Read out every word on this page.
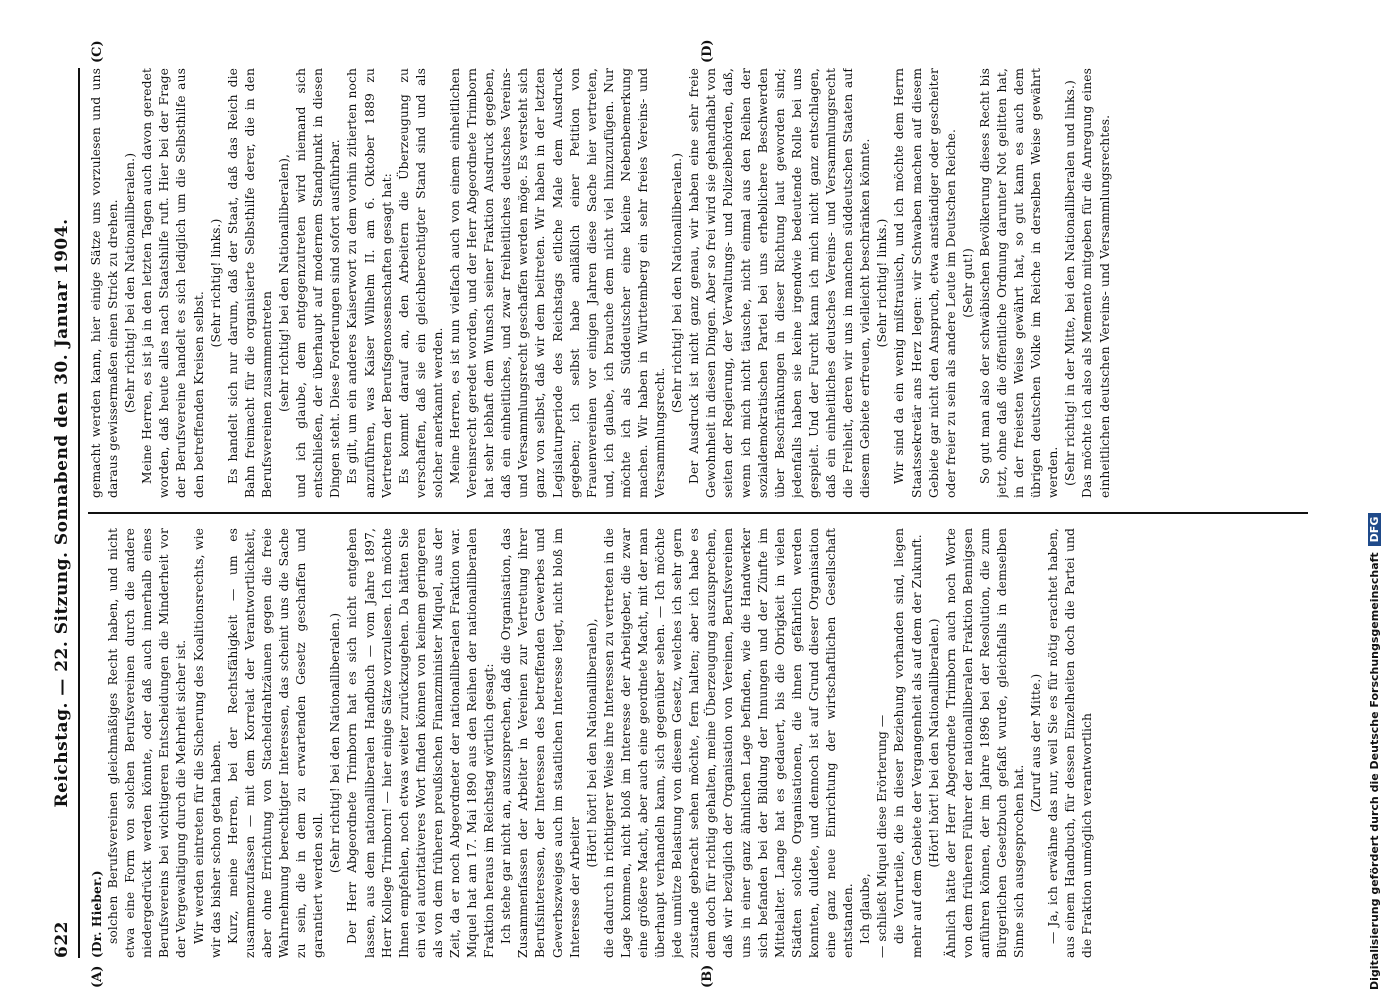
622
Reichstag. — 22. Sitzung. Sonnabend den 30. Januar 1904.
(A)	(B)
(C)	(D)

(Dr. Hieber.) solchen Berufsvereinen gleichmäßiges Recht haben, und nicht etwa eine Form von solchen Berufsvereinen durch die andere niedergedrückt werden könnte, oder daß auch innerhalb eines Berufsvereins bei wichtigeren Entscheidungen die Minderheit vor der Vergewaltigung durch die Mehrheit sicher ist. Wir werden eintreten für die Sicherung des Koalitionsrechts, wie wir das bisher schon getan haben. Kurz, meine Herren, bei der Rechtsfähigkeit — um es zusammenzufassen — mit dem Korrelat der Verantwortlichkeit, aber ohne Errichtung von Stacheldrahtzäunen gegen die freie Wahrnehmung berechtigter Interessen, das scheint uns die Sache zu sein, die in dem zu erwartenden Gesetz geschaffen und garantiert werden soll.

(Sehr richtig! bei den Nationalliberalen.) Der Herr Abgeordnete Trimborn hat es sich nicht entgehen lassen, aus dem nationalliberalen Handbuch — vom Jahre 1897, Herr Kollege Trimborn! — hier einige Sätze vorzulesen. Ich möchte Ihnen empfehlen, noch etwas weiter zurückzugehen. Da hätten Sie ein viel autoritativeres Wort finden können von keinem geringeren als von dem früheren preußischen Finanzminister Miquel, aus der Zeit, da er noch Abgeordneter der nationalliberalen Fraktion war. Miquel hat am 17. Mai 1890 aus den Reihen der nationalliberalen Fraktion heraus im Reichstag wörtlich gesagt: Ich stehe gar nicht an, auszusprechen, daß die Organisation, das Zusammenfassen der Arbeiter in Vereinen zur Vertretung ihrer Berufsinteressen, der Interessen des betreffenden Gewerbes und Gewerbszweiges auch im staatlichen Interesse liegt, nicht bloß im Interesse der Arbeiter

(Hört! hört! bei den Nationalliberalen), die dadurch in richtigerer Weise ihre Interessen zu vertreten in die Lage kommen, nicht bloß im Interesse der Arbeitgeber, die zwar eine größere Macht, aber auch eine geordnete Macht, mit der man überhaupt verhandeln kann, sich gegenüber sehen. — Ich möchte jede unnütze Belastung von diesem Gesetz, welches ich sehr gern zustande gebracht sehen möchte, fern halten; aber ich habe es dem doch für richtig gehalten, meine Überzeugung auszusprechen, daß wir bezüglich der Organisation von Vereinen, Berufsvereinen uns in einer ganz ähnlichen Lage befinden, wie die Handwerker sich befanden bei der Bildung der Innungen und der Zünfte im Mittelalter. Lange hat es gedauert, bis die Obrigkeit in vielen Städten solche Organisationen, die ihnen gefährlich werden konnten, duldete, und dennoch ist auf Grund dieser Organisation eine ganz neue Einrichtung der wirtschaftlichen Gesellschaft entstanden. Ich glaube, — schließt Miquel diese Erörterung — die Vorurteile, die in dieser Beziehung vorhanden sind, liegen mehr auf dem Gebiete der Vergangenheit als auf dem der Zukunft. (Hört! hört! bei den Nationalliberalen.) Ähnlich hätte der Herr Abgeordnete Trimborn auch noch Worte von dem früheren Führer der nationalliberalen Fraktion Bennigsen anführen können, der im Jahre 1896 bei der Resolution, die zum Bürgerlichen Gesetzbuch gefaßt wurde, gleichfalls in demselben Sinne sich ausgesprochen hat.

(Zuruf aus der Mitte.) — Ja, ich erwähne das nur, weil Sie es für nötig erachtet haben, aus einem Handbuch, für dessen Einzelheiten doch die Partei und die Fraktion unmöglich verantwortlich

gemacht werden kann, hier einige Sätze uns vorzulesen und uns daraus gewissermaßen einen Strick zu drehen. (Sehr richtig! bei den Nationalliberalen.) Meine Herren, es ist ja in den letzten Tagen auch davon geredet worden, daß heute alles nach Staatshilfe ruft. Hier bei der Frage der Berufsvereine handelt es sich lediglich um die Selbsthilfe aus den betreffenden Kreisen selbst.

(Sehr richtig! links.) Es handelt sich nur darum, daß der Staat, daß das Reich die Bahn freimacht für die organisierte Selbsthilfe derer, die in den Berufsvereinen zusammentreten (sehr richtig! bei den Nationalliberalen), und ich glaube, dem entgegenzutreten wird niemand sich entschließen, der überhaupt auf modernem Standpunkt in diesen Dingen steht. Diese Forderungen sind sofort ausführbar. Es gilt, um ein anderes Kaiserwort zu dem vorhin zitierten noch anzuführen, was Kaiser Wilhelm II. am 6. Oktober 1889 zu Vertretern der Berufsgenossenschaften gesagt hat: Es kommt darauf an, den Arbeitern die Überzeugung zu verschaffen, daß sie ein gleichberechtigter Stand sind und als solcher anerkannt werden. Meine Herren, es ist nun vielfach auch von einem einheitlichen Vereinsrecht geredet worden, und der Herr Abgeordnete Trimborn hat sehr lebhaft dem Wunsch seiner Fraktion Ausdruck gegeben, daß ein einheitliches, und zwar freiheitliches deutsches Vereins- und Versammlungsrecht geschaffen werden möge. Es versteht sich ganz von selbst, daß wir dem beitreten. Wir haben in der letzten Legislaturperiode des Reichstags etliche Male dem Ausdruck gegeben; ich selbst habe anläßlich einer Petition von Frauenvereinen vor einigen Jahren diese Sache hier vertreten, und, ich glaube, ich brauche dem nicht viel hinzuzufügen. Nur möchte ich als Süddeutscher eine kleine Nebenbemerkung machen. Wir haben in Württemberg ein sehr freies Vereins- und Versammlungsrecht.

(Sehr richtig! bei den Nationalliberalen.) Der Ausdruck ist nicht ganz genau, wir haben eine sehr freie Gewohnheit in diesen Dingen. Aber so frei wird sie gehandhabt von seiten der Regierung, der Verwaltungs- und Polizeibehörden, daß, wenn ich mich nicht täusche, nicht einmal aus den Reihen der sozialdemokratischen Partei bei uns erheblichere Beschwerden über Beschränkungen in dieser Richtung laut geworden sind; jedenfalls haben sie keine irgendwie bedeutende Rolle bei uns gespielt. Und der Furcht kann ich mich nicht ganz entschlagen, daß ein einheitliches deutsches Vereins- und Versammlungsrecht die Freiheit, deren wir uns in manchen süddeutschen Staaten auf diesem Gebiete erfreuen, vielleicht beschränken könnte. (Sehr richtig! links.) Wir sind da ein wenig mißtrauisch, und ich möchte dem Herrn Staatssekretär ans Herz legen: wir Schwaben machen auf diesem Gebiete gar nicht den Anspruch, etwa anständiger oder gescheiter oder freier zu sein als andere Leute im Deutschen Reiche. (Sehr gut!) So gut man also der schwäbischen Bevölkerung dieses Recht bis jetzt, ohne daß die öffentliche Ordnung darunter Not gelitten hat, in der freiesten Weise gewährt hat, so gut kann es auch dem übrigen deutschen Volke im Reiche in derselben Weise gewährt werden. (Sehr richtig! in der Mitte, bei den Nationalliberalen und links.) Das möchte ich also als Memento mitgeben für die Anregung eines einheitlichen deutschen Vereins- und Versammlungsrechtes.

Digitalisierung gefördert durch die Deutsche ForschungsgemeinschaftDFG
